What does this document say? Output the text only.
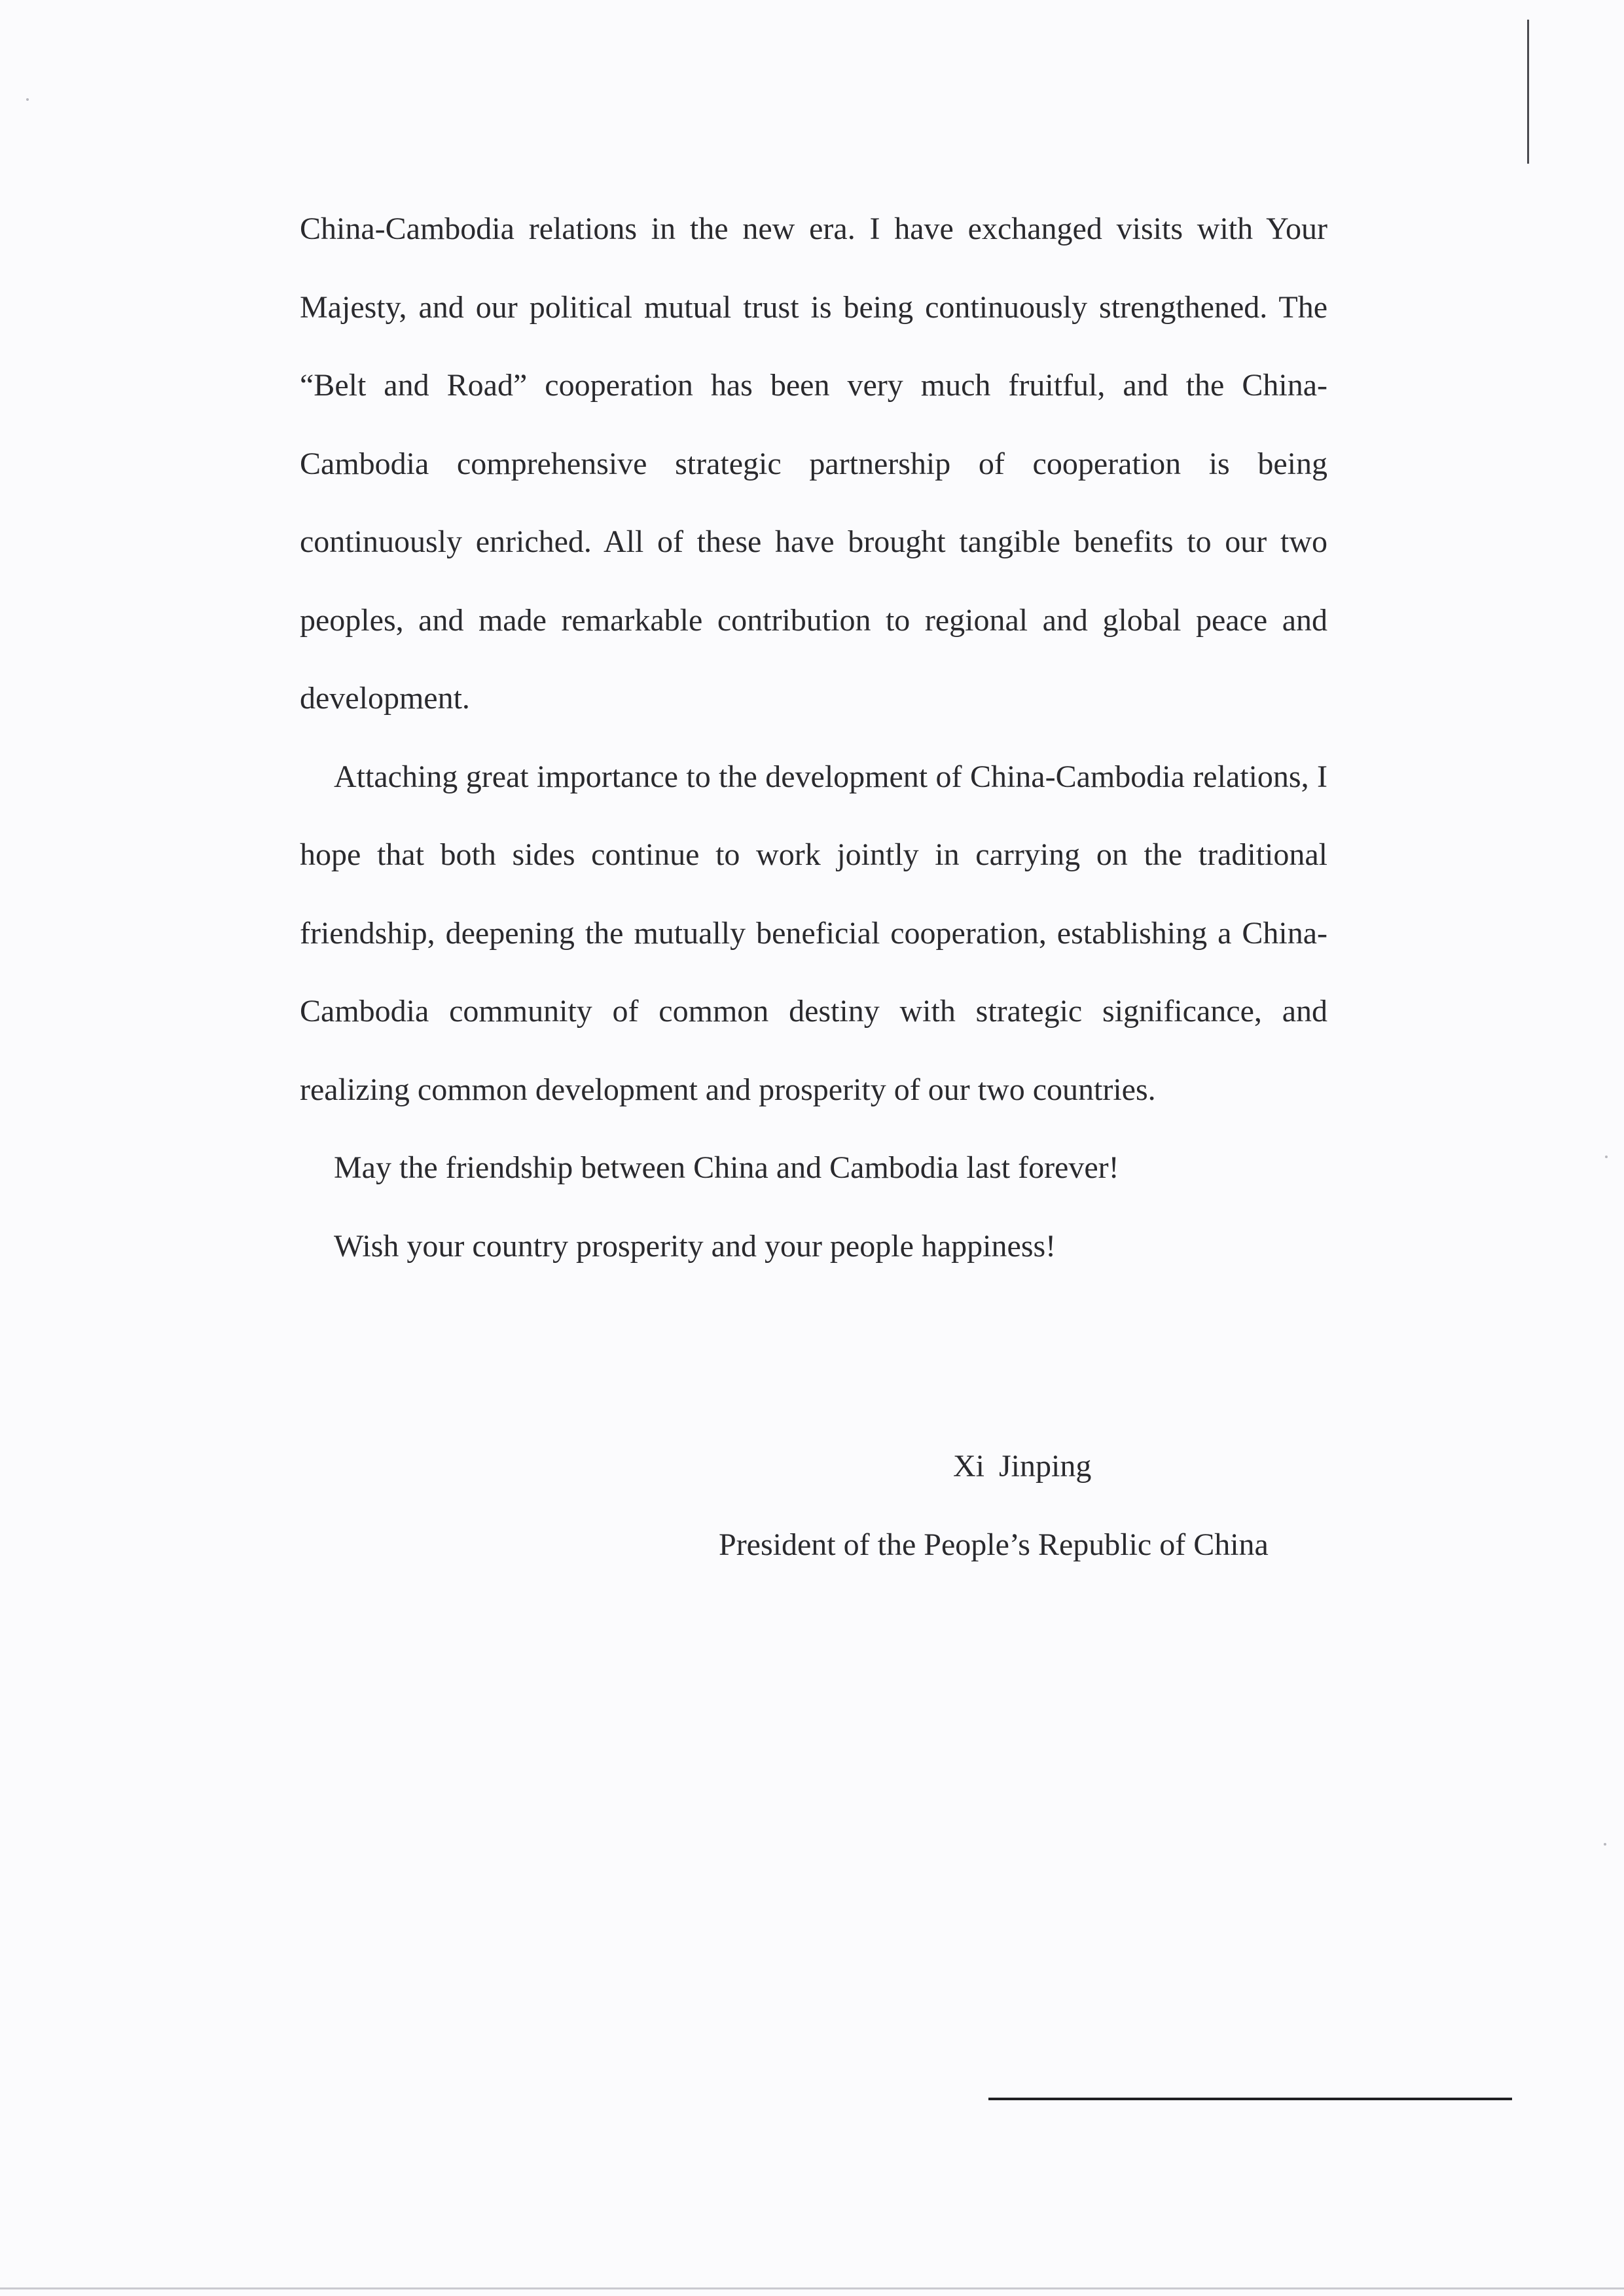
China-Cambodia relations in the new era. I have exchanged visits with Your Majesty, and our political mutual trust is being continuously strengthened. The “Belt and Road” cooperation has been very much fruitful, and the China-Cambodia comprehensive strategic partnership of cooperation is being continuously enriched. All of these have brought tangible benefits to our two peoples, and made remarkable contribution to regional and global peace and development.

Attaching great importance to the development of China-Cambodia relations, I hope that both sides continue to work jointly in carrying on the traditional friendship, deepening the mutually beneficial cooperation, establishing a China-Cambodia community of common destiny with strategic significance, and realizing common development and prosperity of our two countries.

May the friendship between China and Cambodia last forever!

Wish your country prosperity and your people happiness!

Xi Jinping

President of the People’s Republic of China
